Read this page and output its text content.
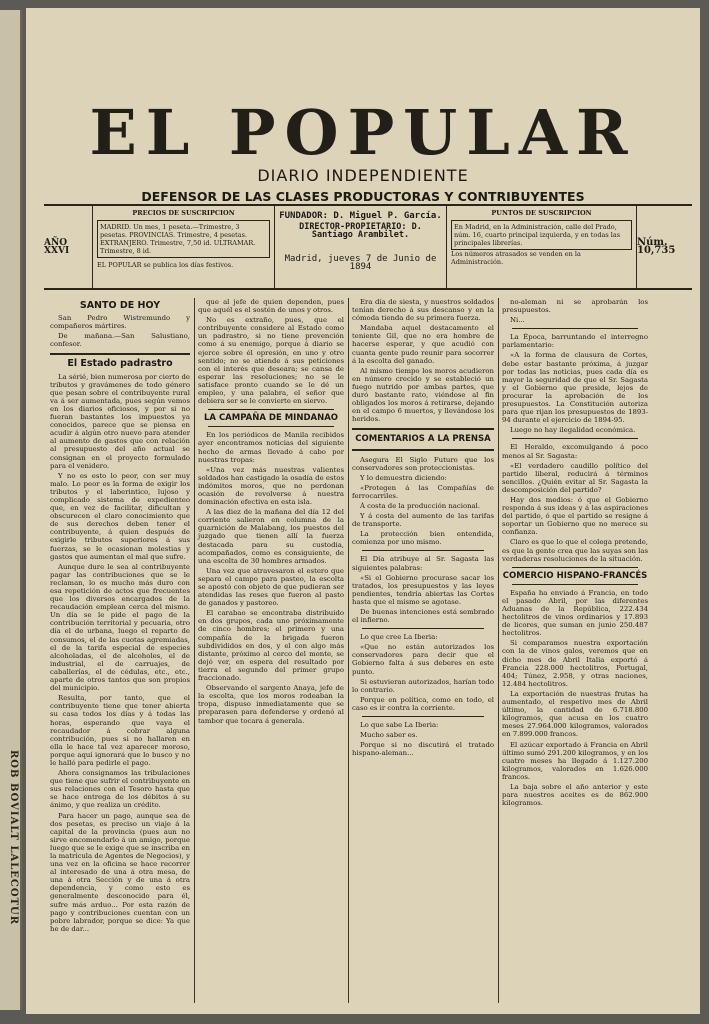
ROB BOVIALT LALECOTUR
EL POPULAR
DIARIO INDEPENDIENTE
DEFENSOR DE LAS CLASES PRODUCTORAS Y CONTRIBUYENTES
AÑO XXVI
PRECIOS DE SUSCRIPCION
MADRID. Un mes, 1 peseta.—Trimestre, 3 pesetas. PROVINCIAS. Trimestre, 4 pesetas. EXTRANJERO. Trimestre, 7,50 id. ULTRAMAR. Trimestre, 8 id.
EL POPULAR se publica los días festivos.
FUNDADOR: D. Miguel P. García.
DIRECTOR-PROPIETARIO: D. Santiago Arambilet.
Madrid, jueves 7 de Junio de 1894
PUNTOS DE SUSCRIPCION
En Madrid, en la Administración, calle del Prado, núm. 16, cuarto principal izquierda, y en todas las principales librerías.
Los números atrasados se venden en la Administración.
Núm. 10,735
SANTO DE HOY

San Pedro Wistremundo y compañeros mártires.

De mañana.—San Salustiano, confesor.

El Estado padrastro

La sérié, bien numerosa por cierto de tributos y gravámenes de todo género que pesan sobre el contribuyente rural va á ser aumentada, pues según vemos en los diarios oficiosos, y por si no fueran bastantes los impuestos ya conocidos, parece que se piensa en acudir á algún otro nuevo para atender al aumento de gastos que con relación al presupuesto del año actual se consignan en el proyecto formulado para el venidero.

Y no es esto lo peor, con ser muy malo. Lo peor es la forma de exigir los tributos y el laberintico, lujoso y complicado sistema de expedienteo que, en vez de facilitar, dificultan y obscurecen el claro conocimiento que de sus derechos deben tener el contribuyente, á quien después de exigirle tributos superiores á sus fuerzas, se le ocasionan molestias y gastos que aumentan el mal que sufre.

Aunque dure le sea al contribuyente pagar las contribuciones que se le reclaman, lo es mucho más duro con esa repetición de actos que frecuentes que los diversos encargados de la recaudación emplean cerca del mismo. Un día se le pide el pago de la contribución territorial y pecuaria, otro día el de urbana, luego el reparto de consumos, el de las cuotas agremiadas, el de la tarifa especial de especies alcoholadas, el de alcoholes, el de industrial, el de carruajes, de caballerías, el de cédulas, etc., etc., aparte de otros tantos que son propios del municipio.

Resulta, por tanto, que el contribuyente tiene que tener abierta su casa todos los días y á todas las horas, esperando que vaya el recaudador á cobrar alguna contribución, pues si no hallaren en ella le hace tal vez aparecer moroso, porque aquí ignorará que lo busco y no le halló para pedirle el pago.

Ahora consignamos las tribulaciones que tiene que sufrir el contribuyente en sus relaciones con el Tesoro hasta que se hace entrega de los débitos á su ánimo, y que realiza un crédito.

Para hacer un pago, aunque sea de dos pesetas, es preciso un viaje á la capital de la provincia (pues aun no sirve encomendarlo á un amigo, porque luego que se le exige que se inscriba en la matrícula de Agentes de Negocios), y una vez en la oficina se hace recorrer al interesado de una á otra mesa, de una á otra Sección y de una á otra dependencia, y como esto es generalmente desconocido para él, sufre más arduo... Por esta razón de pago y contribuciones cuentan con un pobre labrador, porque se dice: Ya que he de dar...

que al jefe de quien dependen, pues que aquél es el sostén de unos y otros.

No es extraño, pues, que el contribuyente considere al Estado como un padrastro, si no tiene prevención como á su enemigo, porque á diario se ejerce sobre él opresión, en uno y otro sentido; no se atiende á sus peticiones con el interés que deseara; se cansa de esperar las resoluciones; no se le satisface pronto cuando se le dé un empleo, y una palabra, el señor que debiera ser se le convierte en siervo.

LA CAMPAÑA DE MINDANAO

En los periódicos de Manila recibidos ayer encontramos noticias del siguiente hecho de armas llevado á cabo por nuestras tropas:

«Una vez más nuestras valientes soldados han castigado la osadía de estos indómitos moros, que no perdonan ocasión de revolverse á nuestra dominación efectiva en esta isla.

A las diez de la mañana del día 12 del corriente salieron en columna de la guarnición de Malabang, los puestos del juzgado que tienen allí la fuerza destacada para su custodia, acompañados, como es consiguiente, de una escolta de 30 hombres armados.

Una vez que atravesaron el estero que separa el campo para pasteo, la escolta se apostó con objeto de que pudieran ser atendidas las reses que fueron al pasto de ganados y pastoreo.

El carabao se encontraba distribuido en dos grupos, cada uno próximamente de cinco hombres; el primero y una compañía de la brigada fueron subdivididos en dos, y el con algo más distante, próximo al cerco del monte, se dejó ver, en espera del resultado por tierra el segundo del primer grupo fraccionado.

Observando el sargento Anaya, jefe de la escolta, que los moros rodeaban la tropa, dispuso inmediatamente que se preparasen para defenderse y ordenó al tambor que tocara á generala.

Era día de siesta, y nuestros soldados tenían derecho á sus descanso y en la cómoda tienda de su primera fuerza.

Mandaba aquel destacamento el teniente Gil, que no era hombre de hacerse esperar, y que acudió con cuanta gente pudo reunir para socorrer á la escolta del ganado.

Al mismo tiempo los moros acudieron en número crecido y se estableció un fuego nutrido por ambas partes, que duró bastante rato, viéndose al fin obligados los moros á retirarse, dejando en el campo 6 muertos, y llevándose los heridos.

COMENTARIOS A LA PRENSA

Asegura El Siglo Futuro que los conservadores son proteccionistas.

Y lo demuestra diciendo:

«Protegen á las Compañías de ferrocarriles.

Á costa de la producción nacional.

Y á costa del aumento de las tarifas de transporte.

La protección bien entendida, comienza por uno mismo.

El Día atribuye al Sr. Sagasta las siguientes palabras:

«Si el Gobierno procurase sacar los tratados, los presupuestos y las leyes pendientes, tendría abiertas las Cortes hasta que el mismo se agotase.

De buenas intenciones está sembrado el infierno.

Lo que cree La Iberia:

«Que no están autorizados los conservadores para decir que el Gobierno falta á sus deberes en este punto.

Si estuvieran autorizados, harían todo lo contrario.

Porque en política, como en todo, el caso es ir contra la corriente.

Lo que sabe La Iberia:

Mucho saber es.

Porque si no discutirá el tratado hispano-aleman...

no-aleman ni se aprobarán los presupuestos.

Ni...

La Época, barruntando el interregno parlamentario:

«A la forma de clausura de Cortes, debe estar bastante próxima, á juzgar por todas las noticias, pues cada día es mayor la seguridad de que el Sr. Sagasta y el Gobierno que preside, lejos de procurar la aprobación de los presupuestos. La Constitución autoriza para que rijan los presupuestos de 1893-94 durante el ejercicio de 1894-95.

Luego no hay ilegalidad económica.

El Heraldo, excomulgando á poco menos al Sr. Sagasta:

«El verdadero caudillo político del partido liberal, reducirá á términos sencillos. ¿Quién evitar al Sr. Sagasta la descomposición del partido?

Hay dos medios: ó que el Gobierno responda á sus ideas y á las aspiraciones del partido, ó que el partido se resigne á soportar un Gobierno que no merece su confianza.

Claro es que lo que el colega pretende, es que la gente crea que las suyas son las verdaderas resoluciones de la situación.

COMERCIO HISPANO-FRANCÉS

España ha enviado á Francia, en todo el pasado Abril, por las diferentes Aduanas de la República, 222.434 hectolitros de vinos ordinarios y 17.893 de licores, que suman en junio 250.487 hectolitros.

Si comparamos nuestra exportación con la de vinos galos, veremos que en dicho mes de Abril Italia exportó á Francia 228.000 hectolitros, Portugal, 404; Túnez, 2.958, y otras naciones, 12.484 hectolitros.

La exportación de nuestras frutas ha aumentado, el respetivo mes de Abril último, la cantidad de 6.718.800 kilogramos, que acusa en los cuatro meses 27.964.000 kilogramos, valorados en 7.899.000 francos.

El azúcar exportado á Francia en Abril último sumó 291.200 kilogramos, y en los cuatro meses ha llegado á 1.127.200 kilogramos, valorados en 1.626.000 francos.

La baja sobre el año anterior y este para nuestros aceites es de 862.900 kilogramos.
